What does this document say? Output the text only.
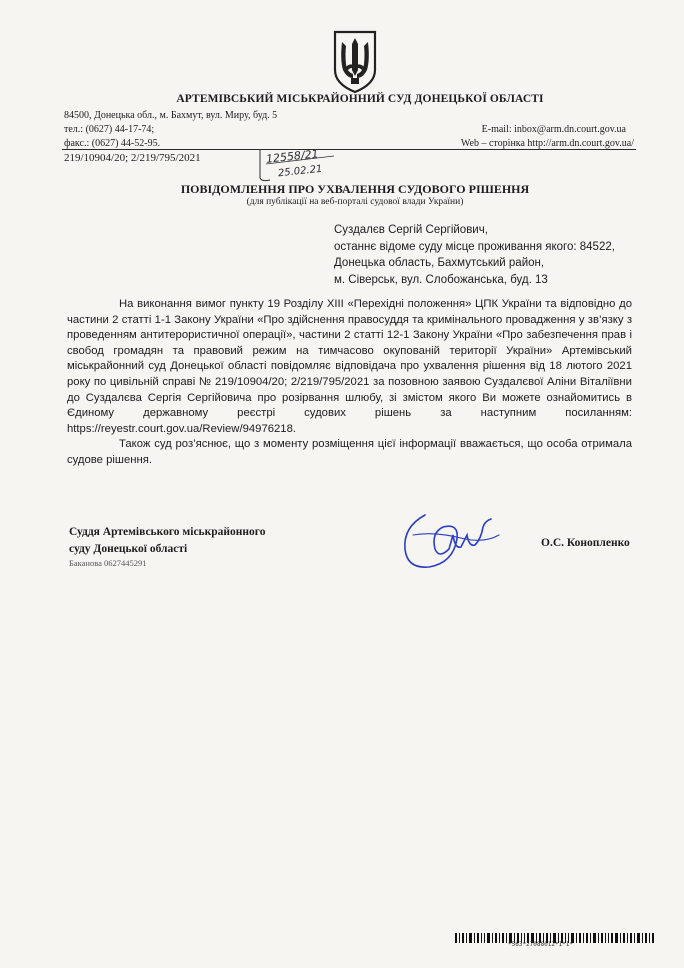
АРТЕМІВСЬКИЙ МІСЬКРАЙОННИЙ СУД ДОНЕЦЬКОЇ ОБЛАСТІ
84500, Донецька обл., м. Бахмут, вул. Миру, буд. 5
тел.: (0627) 44-17-74;
факс.: (0627) 44-52-95.
E-mail: inbox@arm.dn.court.gov.ua
Web – сторінка http://arm.dn.court.gov.ua/
219/10904/20; 2/219/795/2021	12558/21
25.02.21
ПОВІДОМЛЕННЯ ПРО УХВАЛЕННЯ СУДОВОГО РІШЕННЯ
(для публікації на веб-порталі судової влади України)
Суздалєв Сергій Сергійович,
останнє відоме суду місце проживання якого: 84522,
Донецька область, Бахмутський район,
м. Сіверськ, вул. Слобожанська, буд. 13

На виконання вимог пункту 19 Розділу XIII «Перехідні положення» ЦПК України та відповідно до частини 2 статті 1-1 Закону України «Про здійснення правосуддя та кримінального провадження у зв’язку з проведенням антитерористичної операції», частини 2 статті 12-1 Закону України «Про забезпечення прав і свобод громадян та правовий режим на тимчасово окупованій території України» Артемівський міськрайонний суд Донецької області повідомляє відповідача про ухвалення рішення від 18 лютого 2021 року по цивільній справі № 219/10904/20; 2/219/795/2021 за позовною заявою Суздалєвої Аліни Віталіївни до Суздалєва Сергія Сергійовича про розірвання шлюбу, зі змістом якого Ви можете ознайомитись в Єдиному державному реєстрі судових рішень за наступним посиланням: https://reyestr.court.gov.ua/Review/94976218.

Також суд роз’яснює, що з моменту розміщення цієї інформації вважається, що особа отримала судове рішення.

Суддя Артемівського міськрайонного
суду Донецької області
Баканова 0627445291
О.С. Конопленко
*563*27088012*1*1*
